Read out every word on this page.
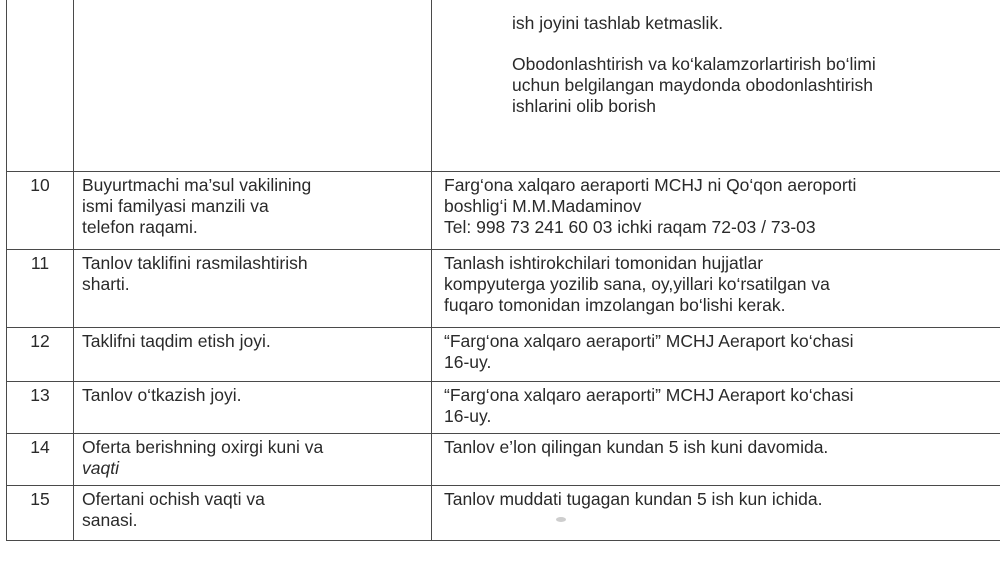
		ish joyini tashlab ketmaslik.
Obodonlashtirish va ko‘kalamzorlartirish bo‘limi
uchun belgilangan maydonda obodonlashtirish
ishlarini olib borish

10	Buyurtmachi ma’sul vakilining
ismi familyasi manzili va
telefon raqami.	Farg‘ona xalqaro aeraporti MCHJ ni Qo‘qon aeroporti
boshlig‘i M.M.Madaminov
Tel: 998 73 241 60 03 ichki raqam 72-03 / 73-03

11	Tanlov taklifini rasmilashtirish
sharti.	Tanlash ishtirokchilari tomonidan hujjatlar
kompyuterga yozilib sana, oy,yillari ko‘rsatilgan va
fuqaro tomonidan imzolangan bo‘lishi kerak.

12	Taklifni taqdim etish joyi.	“Farg‘ona xalqaro aeraporti” MCHJ Aeraport ko‘chasi
16-uy.

13	Tanlov o‘tkazish joyi.	“Farg‘ona xalqaro aeraporti” MCHJ Aeraport ko‘chasi
16-uy.

14	Oferta berishning oxirgi kuni va
vaqti	Tanlov e’lon qilingan kundan 5 ish kuni davomida.

15	Ofertani ochish vaqti va
sanasi.	Tanlov muddati tugagan kundan 5 ish kun ichida.
